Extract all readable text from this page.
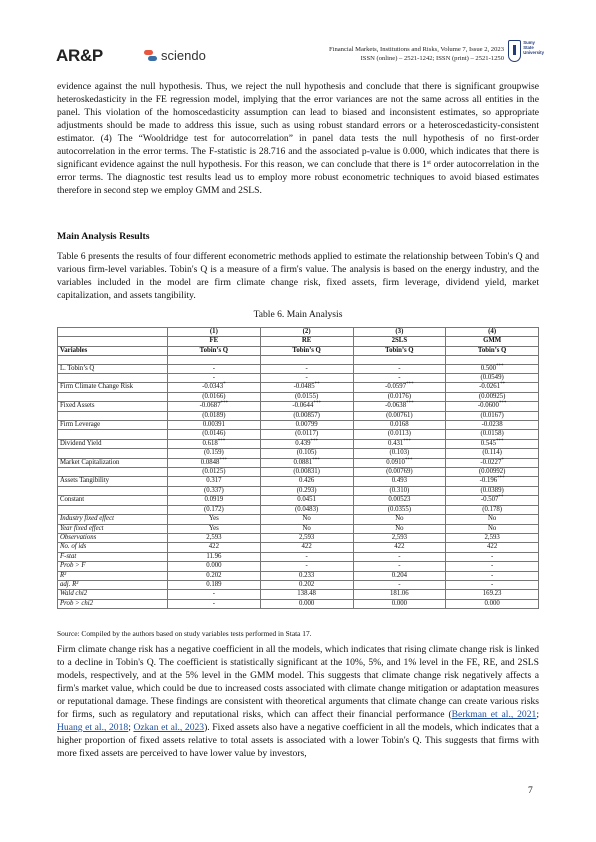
AR&P	sciendo	Financial Markets, Institutions and Risks, Volume 7, Issue 2, 2023
ISSN (online) – 2521-1242; ISSN (print) – 2521-1250
Sumy
State
University

evidence against the null hypothesis. Thus, we reject the null hypothesis and conclude that there is significant groupwise heteroskedasticity in the FE regression model, implying that the error variances are not the same across all entities in the panel. This violation of the homoscedasticity assumption can lead to biased and inconsistent estimates, so appropriate adjustments should be made to address this issue, such as using robust standard errors or a heteroscedasticity-consistent estimator. (4) The “Wooldridge test for autocorrelation” in panel data tests the null hypothesis of no first-order autocorrelation in the error terms. The F-statistic is 28.716 and the associated p-value is 0.000, which indicates that there is significant evidence against the null hypothesis. For this reason, we can conclude that there is 1st order autocorrelation in the error terms. The diagnostic test results lead us to employ more robust econometric techniques to avoid biased estimates therefore in second step we employ GMM and 2SLS.

Main Analysis Results

Table 6 presents the results of four different econometric methods applied to estimate the relationship between Tobin's Q and various firm-level variables. Tobin's Q is a measure of a firm's value. The analysis is based on the energy industry, and the variables included in the model are firm climate change risk, fixed assets, firm leverage, dividend yield, market capitalization, and assets tangibility.

Table 6. Main Analysis
	(1)	(2)	(3)	(4)
	FE	RE	2SLS	GMM
Variables	Tobin’s Q	Tobin’s Q	Tobin’s Q	Tobin’s Q

L. Tobin’s Q	-	-	-	0.500***
	-	-	-	(0.0549)
Firm Climate Change Risk	-0.0343*	-0.0485**	-0.0597***	-0.0261**
	(0.0166)	(0.0155)	(0.0176)	(0.00925)
Fixed Assets	-0.0687***	-0.0644***	-0.0638***	-0.0600***
	(0.0189)	(0.00857)	(0.00761)	(0.0167)
Firm Leverage	0.00391	0.00799	0.0168	-0.0238
	(0.0146)	(0.0117)	(0.0113)	(0.0158)
Dividend Yield	0.618***	0.439***	0.431***	0.545***
	(0.159)	(0.105)	(0.103)	(0.114)
Market Capitalization	0.0848***	0.0881***	0.0910***	-0.0227*
	(0.0125)	(0.00831)	(0.00769)	(0.00992)
Assets Tangibility	0.317	0.426	0.493	-0.196***
	(0.337)	(0.293)	(0.310)	(0.0389)
Constant	0.0919	0.0451	0.00523	-0.507**
	(0.172)	(0.0483)	(0.0355)	(0.178)
Industry fixed effect	Yes	No	No	No
Year fixed effect	Yes	No	No	No
Observations	2,593	2,593	2,593	2,593
No. of ids	422	422	422	422
F-stat	11.96	-	-	-
Prob > F	0.000	-	-	-
R²	0.202	0.233	0.204	-
adj. R²	0.189	0.202	-	-
Wald chi2	-	138.48	181.06	169.23
Prob > chi2	-	0.000	0.000	0.000
Source: Compiled by the authors based on study variables tests performed in Stata 17.

Firm climate change risk has a negative coefficient in all the models, which indicates that rising climate change risk is linked to a decline in Tobin's Q. The coefficient is statistically significant at the 10%, 5%, and 1% level in the FE, RE, and 2SLS models, respectively, and at the 5% level in the GMM model. This suggests that climate change risk negatively affects a firm's market value, which could be due to increased costs associated with climate change mitigation or adaptation measures or reputational damage. These findings are consistent with theoretical arguments that climate change can create various risks for firms, such as regulatory and reputational risks, which can affect their financial performance (Berkman et al., 2021; Huang et al., 2018; Ozkan et al., 2023). Fixed assets also have a negative coefficient in all the models, which indicates that a higher proportion of fixed assets relative to total assets is associated with a lower Tobin's Q. This suggests that firms with more fixed assets are perceived to have lower value by investors,

7
